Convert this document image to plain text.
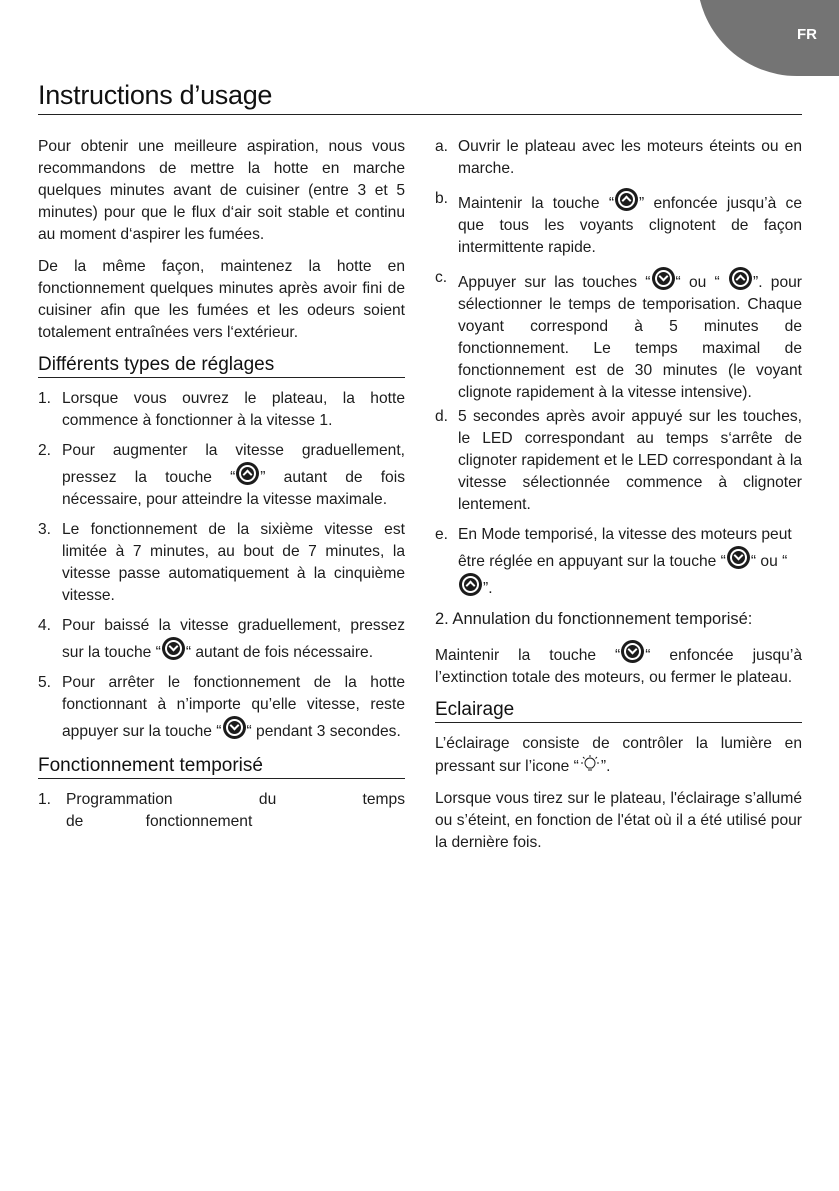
FR
Instructions d’usage

Pour obtenir une meilleure aspiration, nous vous recommandons de mettre la hotte en marche quelques minutes avant de cuisiner (entre 3 et 5 minutes) pour que le flux d‘air soit stable et continu au moment d‘aspirer les fumées.

De la même façon, maintenez la hotte en fonctionnement quelques minutes après avoir fini de cuisiner afin que les fumées et les odeurs soient totalement entraînées vers l‘extérieur.

Différents types de réglages
1. Lorsque vous ouvrez le plateau, la hotte commence à fonctionner à la vitesse 1.
2. Pour augmenter la vitesse graduellement, pressez la touche “ ” autant de fois nécessaire, pour atteindre la vitesse maximale.
3. Le fonctionnement de la sixième vitesse est limitée à 7 minutes, au bout de 7 minutes, la vitesse passe automatiquement à la cinquième vitesse.
4. Pour baissé la vitesse graduellement, pressez sur la touche “ “ autant de fois nécessaire.
5. Pour arrêter le fonctionnement de la hotte fonctionnant à n’importe qu’elle vitesse, reste appuyer sur la touche “ “ pendant 3 secondes.
Fonctionnement temporisé
1. Programmation du temps de fonctionnement
a. Ouvrir le plateau avec les moteurs éteints ou en marche.
b. Maintenir la touche “ ” enfoncée jusqu’à ce que tous les voyants clignotent de façon intermittente rapide.
c. Appuyer sur las touches “ “ ou “ ”. pour sélectionner le temps de temporisation. Chaque voyant correspond à 5 minutes de fonctionnement. Le temps maximal de fonctionnement est de 30 minutes (le voyant clignote rapidement à la vitesse intensive).
d. 5 secondes après avoir appuyé sur les touches, le LED correspondant au temps s‘arrête de clignoter rapidement et le LED correspondant à la vitesse sélectionnée commence à clignoter lentement.
e. En Mode temporisé, la vitesse des moteurs peut être réglée en appuyant sur la touche “ “ ou “ ”.

2. Annulation du fonctionnement temporisé:

Maintenir la touche “ “ enfoncée jusqu’à l’extinction totale des moteurs, ou fermer le plateau.

Eclairage

L’éclairage consiste de contrôler la lumière en pressant sur l’icone “ ”.

Lorsque vous tirez sur le plateau, l'éclairage s’allumé ou s’éteint, en fonction de l'état où il a été utilisé pour la dernière fois.
